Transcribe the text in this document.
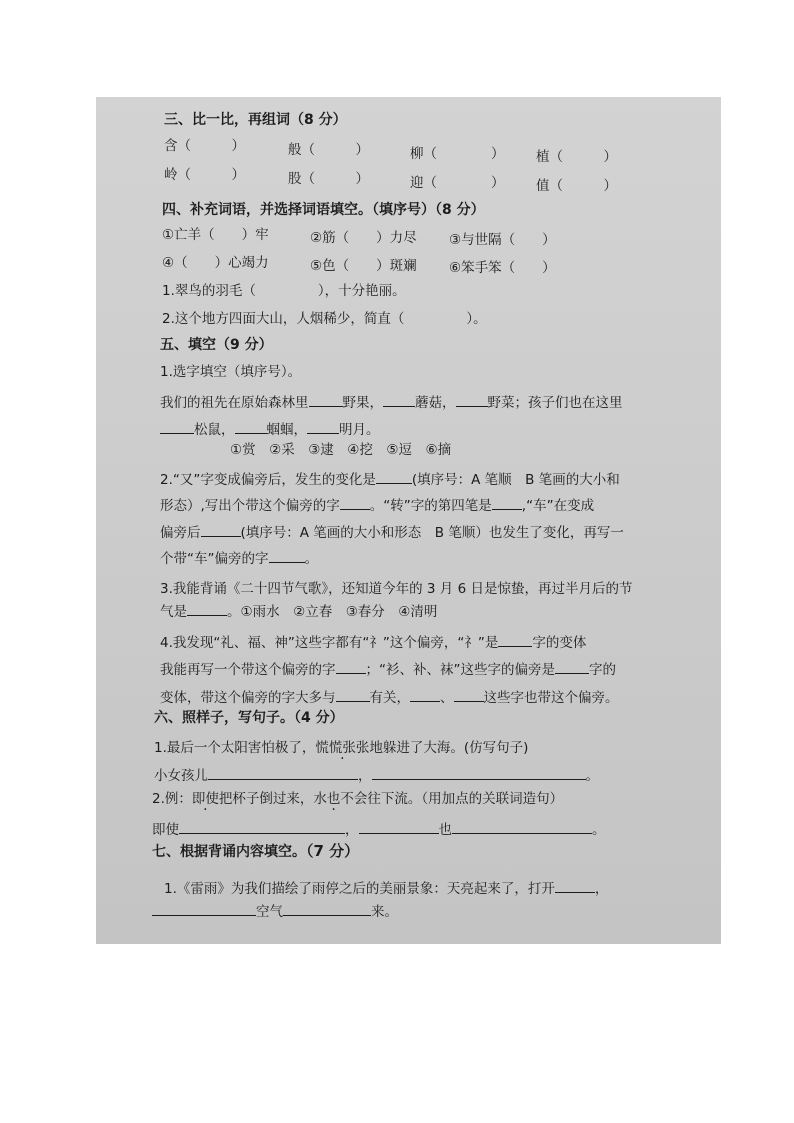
三、比一比，再组词（8 分）
含（　　　）	般（　　　）	柳（　　　　） 植（　　　）
岭（　　　）	股（　　　）	迎（　　　　） 值（　　　）
四、补充词语，并选择词语填空。（填序号）（8 分）
①亡羊（　　）牢	②筋（　　）力尽 ③与世隔（　　）
④（　　）心竭力	⑤色（　　）斑斓 ⑥笨手笨（　　）
1.翠鸟的羽毛（	），十分艳丽。
2.这个地方四面大山，人烟稀少，简直（	）。
五、填空（9 分）
1.选字填空（填序号）。
我们的祖先在原始森林里	野果， 蘑菇， 野菜；孩子们也在这里
松鼠， 蝈蝈， 明月。
①赏　②采　③逮　④挖　⑤逗　⑥摘
2.“又”字变成偏旁后，发生的变化是	(填序号：A 笔顺　B 笔画的大小和
形态）,写出个带这个偏旁的字 。“转”字的第四笔是 ,“车”在变成
偏旁后	(填序号：A 笔画的大小和形态　B 笔顺）也发生了变化，再写一
个带“车”偏旁的字	。
3.我能背诵《二十四节气歌》，还知道今年的 3 月 6 日是惊蛰，再过半月后的节
气是	。①雨水　②立春　③春分　④清明
4.我发现“礼、福、神”这些字都有“礻”这个偏旁，“礻”是	字的变体
我能再写一个带这个偏旁的字 ；“衫、补、袜”这些字的偏旁是	字的
变体，带这个偏旁的字大多与	有关， 、 这些字也带这个偏旁。
六、照样子，写句子。（4 分）
1.最后一个太阳害怕极了，慌慌张张地躲进了大海。(仿写句子)
小女孩儿	，	。
2.例：即使把杯子倒过来，水也不会往下流。（用加点的关联词造句）
即使	，	也	。
七、根据背诵内容填空。（7 分）
1.《雷雨》为我们描绘了雨停之后的美丽景象：天亮起来了，打开	，
空气	来。
